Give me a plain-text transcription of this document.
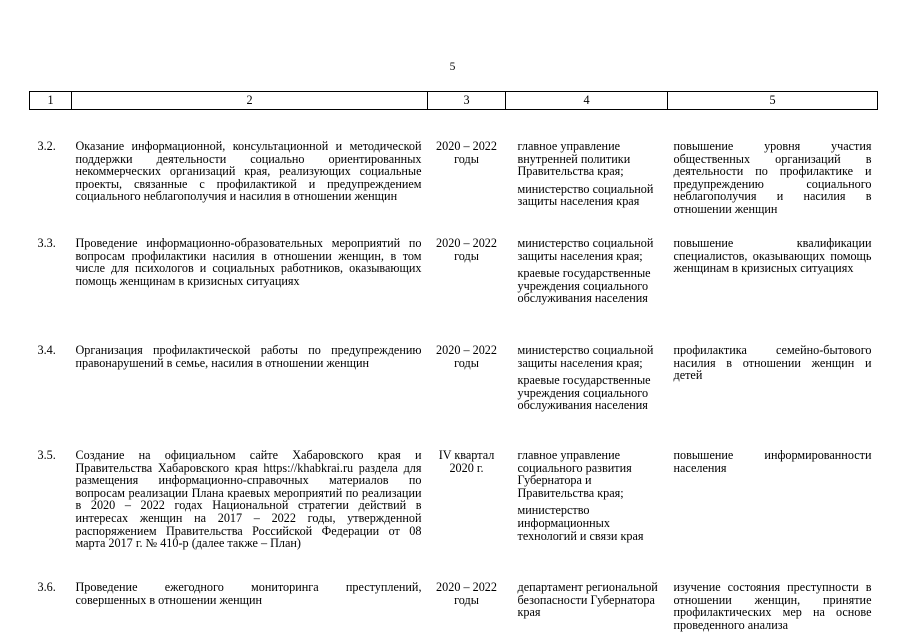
5
1	2	3	4	5
3.2.	Оказание информационной, консультационной и методической поддержки деятельности социально ориентированных некоммерческих организаций края, реализующих социальные проекты, связанные с профилактикой и предупреждением социального неблагополучия и насилия в отношении женщин	2020 – 2022 годы	главное управление внутренней политики Правительства края;
министерство социальной защиты населения края	повышение уровня участия общественных организаций в деятельности по профилактике и предупреждению социального неблагополучия и насилия в отношении женщин
3.3.	Проведение информационно-образовательных мероприятий по вопросам профилактики насилия в отношении женщин, в том числе для психологов и социальных работников, оказывающих помощь женщинам в кризисных ситуациях	2020 – 2022 годы	министерство социальной защиты населения края;
краевые государственные учреждения социального обслуживания населения	повышение квалификации специалистов, оказывающих помощь женщинам в кризисных ситуациях
3.4.	Организация профилактической работы по предупреждению правонарушений в семье, насилия в отношении женщин	2020 – 2022 годы	министерство социальной защиты населения края;
краевые государственные учреждения социального обслуживания населения	профилактика семейно-бытового насилия в отношении женщин и детей
3.5.	Создание на официальном сайте Хабаровского края и Правительства Хабаровского края https://khabkrai.ru раздела для размещения информационно-справочных материалов по вопросам реализации Плана краевых мероприятий по реализации в 2020 – 2022 годах Национальной стратегии действий в интересах женщин на 2017 – 2022 годы, утвержденной распоряжением Правительства Российской Федерации от 08 марта 2017 г. № 410-р (далее также – План)	IV квартал 2020 г.	главное управление социального развития Губернатора и Правительства края;
министерство информационных технологий и связи края	повышение информированности населения
3.6.	Проведение ежегодного мониторинга преступлений, совершенных в отношении женщин	2020 – 2022 годы	департамент региональной безопасности Губернатора края	изучение состояния преступности в отношении женщин, принятие профилактических мер на основе проведенного анализа
